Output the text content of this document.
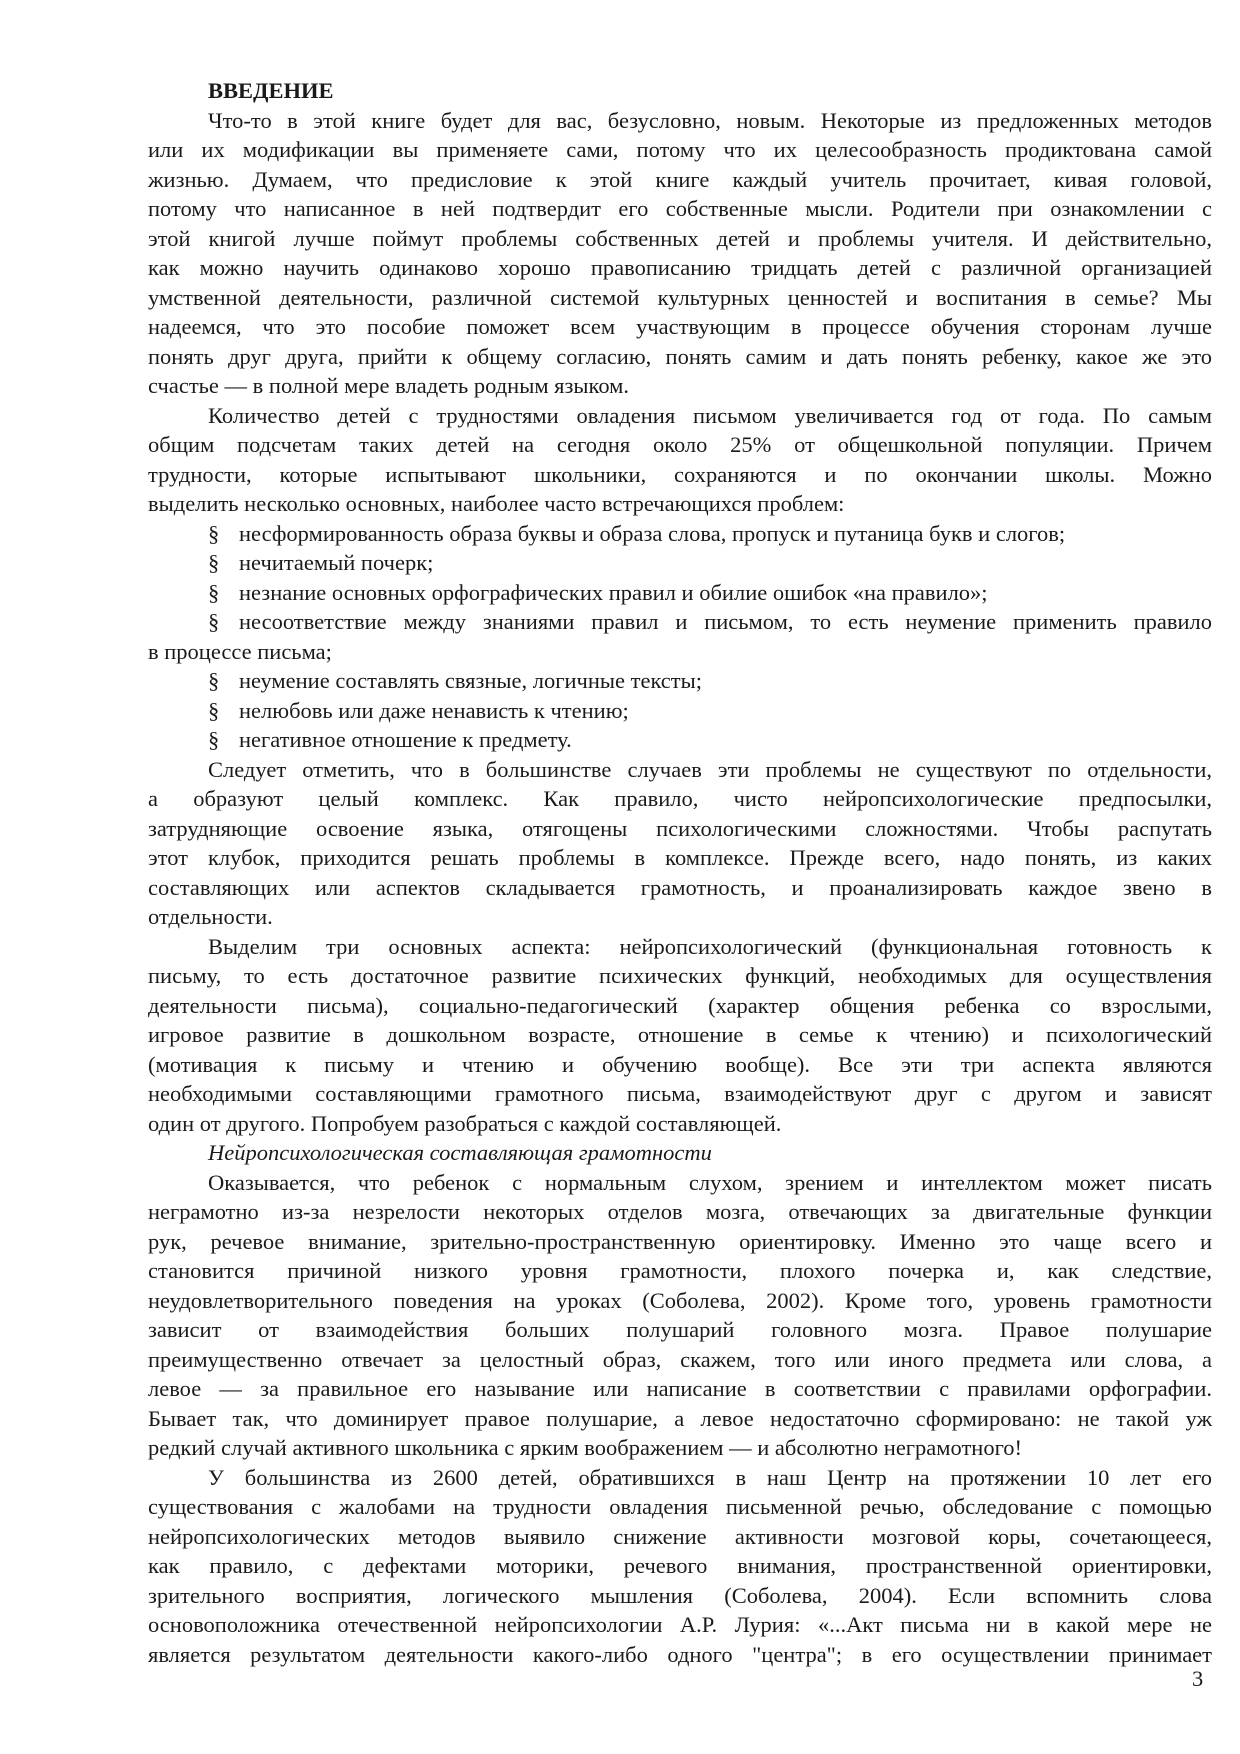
ВВЕДЕНИЕ
Что-то в этой книге будет для вас, безусловно, новым. Некоторые из предложенных методов
или их модификации вы применяете сами, потому что их целесообразность продиктована самой
жизнью. Думаем, что предисловие к этой книге каждый учитель прочитает, кивая головой,
потому что написанное в ней подтвердит его собственные мысли. Родители при ознакомлении с
этой книгой лучше поймут проблемы собственных детей и проблемы учителя. И действительно,
как можно научить одинаково хорошо правописанию тридцать детей с различной организацией
умственной деятельности, различной системой культурных ценностей и воспитания в семье? Мы
надеемся, что это пособие поможет всем участвующим в процессе обучения сторонам лучше
понять друг друга, прийти к общему согласию, понять самим и дать понять ребенку, какое же это
счастье — в полной мере владеть родным языком.
Количество детей с трудностями овладения письмом увеличивается год от года. По самым
общим подсчетам таких детей на сегодня около 25% от общешкольной популяции. Причем
трудности, которые испытывают школьники, сохраняются и по окончании школы. Можно
выделить несколько основных, наиболее часто встречающихся проблем:
§ несформированность образа буквы и образа слова, пропуск и путаница букв и слогов;
§ нечитаемый почерк;
§ незнание основных орфографических правил и обилие ошибок «на правило»;
§ несоответствие между знаниями правил и письмом, то есть неумение применить правило
в процессе письма;
§ неумение составлять связные, логичные тексты;
§ нелюбовь или даже ненависть к чтению;
§ негативное отношение к предмету.
Следует отметить, что в большинстве случаев эти проблемы не существуют по отдельности,
а образуют целый комплекс. Как правило, чисто нейропсихологические предпосылки,
затрудняющие освоение языка, отягощены психологическими сложностями. Чтобы распутать
этот клубок, приходится решать проблемы в комплексе. Прежде всего, надо понять, из каких
составляющих или аспектов складывается грамотность, и проанализировать каждое звено в
отдельности.
Выделим три основных аспекта: нейропсихологический (функциональная готовность к
письму, то есть достаточное развитие психических функций, необходимых для осуществления
деятельности письма), социально-педагогический (характер общения ребенка со взрослыми,
игровое развитие в дошкольном возрасте, отношение в семье к чтению) и психологический
(мотивация к письму и чтению и обучению вообще). Все эти три аспекта являются
необходимыми составляющими грамотного письма, взаимодействуют друг с другом и зависят
один от другого. Попробуем разобраться с каждой составляющей.
Нейропсихологическая составляющая грамотности
Оказывается, что ребенок с нормальным слухом, зрением и интеллектом может писать
неграмотно из-за незрелости некоторых отделов мозга, отвечающих за двигательные функции
рук, речевое внимание, зрительно-пространственную ориентировку. Именно это чаще всего и
становится причиной низкого уровня грамотности, плохого почерка и, как следствие,
неудовлетворительного поведения на уроках (Соболева, 2002). Кроме того, уровень грамотности
зависит от взаимодействия больших полушарий головного мозга. Правое полушарие
преимущественно отвечает за целостный образ, скажем, того или иного предмета или слова, а
левое — за правильное его называние или написание в соответствии с правилами орфографии.
Бывает так, что доминирует правое полушарие, а левое недостаточно сформировано: не такой уж
редкий случай активного школьника с ярким воображением — и абсолютно неграмотного!
У большинства из 2600 детей, обратившихся в наш Центр на протяжении 10 лет его
существования с жалобами на трудности овладения письменной речью, обследование с помощью
нейропсихологических методов выявило снижение активности мозговой коры, сочетающееся,
как правило, с дефектами моторики, речевого внимания, пространственной ориентировки,
зрительного восприятия, логического мышления (Соболева, 2004). Если вспомнить слова
основоположника отечественной нейропсихологии А.Р. Лурия: «...Акт письма ни в какой мере не
является результатом деятельности какого-либо одного "центра"; в его осуществлении принимает
3
